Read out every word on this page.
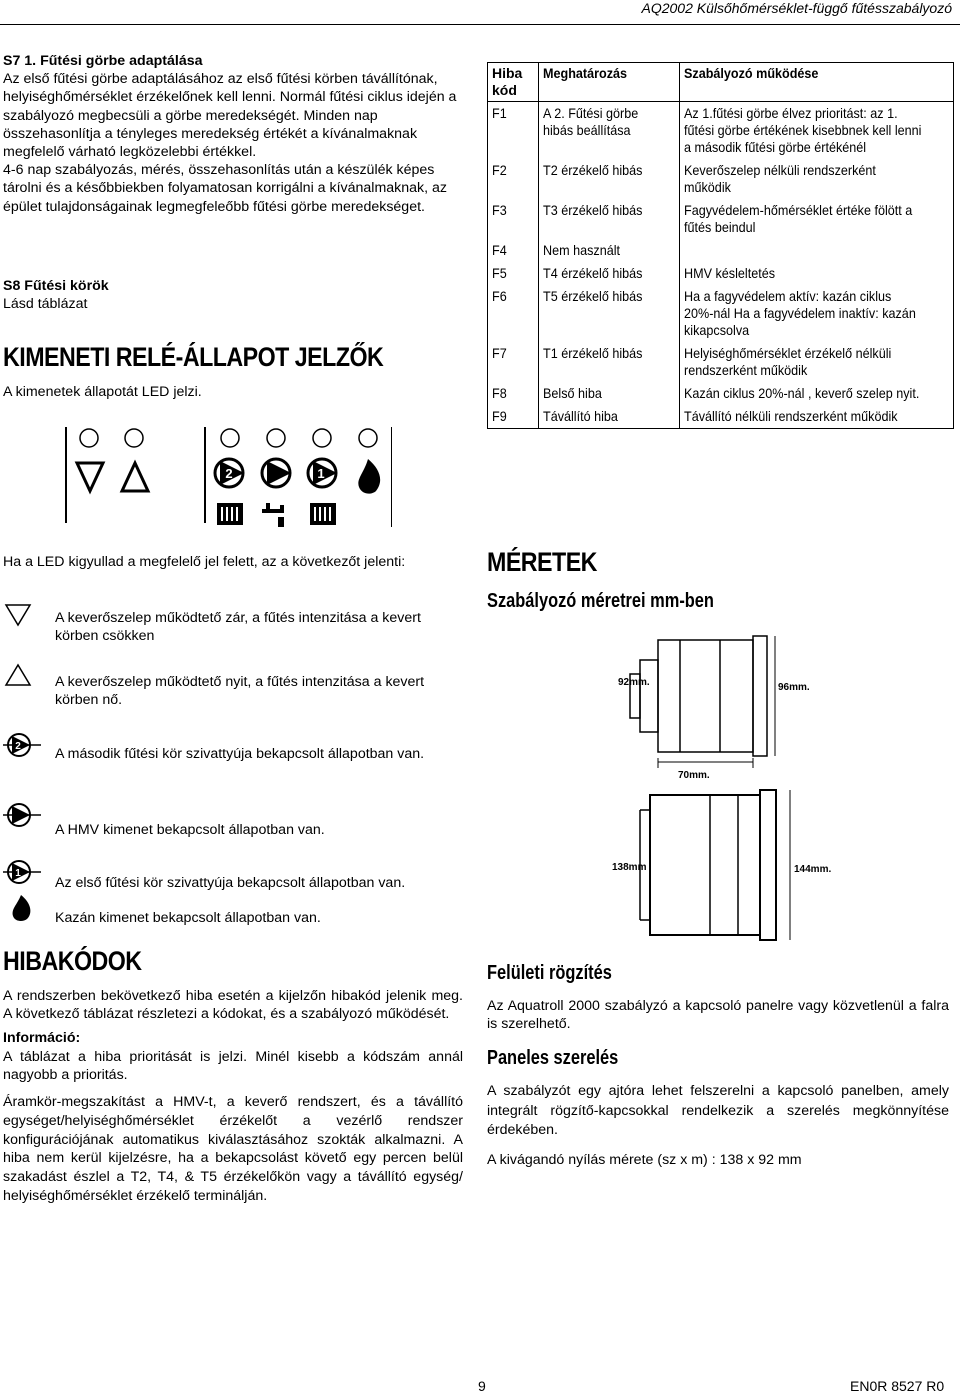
AQ2002 Külsőhőmérséklet-függő fűtésszabályozó

S7 1. Fűtési görbe adaptálása

Az első fűtési görbe adaptálásához az első fűtési körben távállítónak, helyiséghőmérséklet érzékelőnek kell lenni. Normál fűtési ciklus idején a szabályozó megbecsüli a görbe meredekségét. Minden nap összehasonlítja a tényleges meredekség értékét a kívánalmaknak megfelelő várható legközelebbi értékkel.

4-6 nap szabályozás, mérés, összehasonlítás után a készülék képes tárolni és a későbbiekben folyamatosan korrigálni a kívánalmaknak, az épület tulajdonságainak legmegfeleőbb fűtési görbe meredekséget.

S8 Fűtési körök

Lásd táblázat

KIMENETI RELÉ-ÁLLAPOT JELZŐK

A kimenetek állapotát LED jelzi.

2	1

Ha a LED kigyullad a megfelelő jel felett, az a következőt jelenti:

A keverőszelep működtető zár, a fűtés intenzitása a kevert körben csökken

A keverőszelep működtető nyit, a fűtés intenzitása a kevert körben nő.

2 A második fűtési kör szivattyúja bekapcsolt állapotban van.

A HMV kimenet bekapcsolt állapotban van.

1

Az első fűtési kör szivattyúja bekapcsolt állapotban van.

Kazán kimenet bekapcsolt állapotban van.

HIBAKÓDOK

A rendszerben bekövetkező hiba esetén a kijelzőn hibakód jelenik meg. A következő táblázat részletezi a kódokat, és a szabályozó működését.

Információ:

A táblázat a hiba prioritását is jelzi. Minél kisebb a kódszám annál nagyobb a prioritás.

Áramkör-megszakítást a HMV-t, a keverő rendszert, és a távállító egységet/helyiséghőmérséklet érzékelőt a vezérlő rendszer konfigurációjának automatikus kiválasztásához szokták alkalmazni. A hiba nem kerül kijelzésre, ha a bekapcsolást követő egy percen belül szakadást észlel a T2, T4, & T5 érzékelőkön vagy a távállító egység/ helyiséghőmérséklet érzékelő terminálján.

Hiba kód	Meghatározás	Szabályozó működése
F1	A 2. Fűtési görbe hibás beállítása	Az 1.fűtési görbe élvez prioritást: az 1. fűtési görbe értékének kisebbnek kell lenni a második fűtési görbe értékénél
F2	T2 érzékelő hibás	Keverőszelep nélküli rendszerként működik
F3	T3 érzékelő hibás	Fagyvédelem-hőmérséklet értéke fölött a fűtés beindul
F4	Nem használt	
F5	T4 érzékelő hibás	HMV késleltetés
F6	T5 érzékelő hibás	Ha a fagyvédelem aktív: kazán ciklus 20%-nál Ha a fagyvédelem inaktív: kazán kikapcsolva
F7	T1 érzékelő hibás	Helyiséghőmérséklet érzékelő nélküli rendszerként működik
F8	Belső hiba	Kazán ciklus 20%-nál , keverő szelep nyit.
F9	Távállító hiba	Távállító nélküli rendszerként működik
MÉRETEK
Szabályozó méretrei mm-ben
92mm.	96mm.
70mm.
138mm	144mm.
Felületi rögzítés

Az Aquatroll 2000 szabályzó a kapcsoló panelre vagy közvetlenül a falra is szerelhető.

Paneles szerelés

A szabályzót egy ajtóra lehet felszerelni a kapcsoló panelben, amely integrált rögzítő-kapcsokkal rendelkezik a szerelés megkönnyítése érdekében.

A kivágandó nyílás mérete (sz x m) : 138 x 92 mm

9	EN0R 8527 R0
